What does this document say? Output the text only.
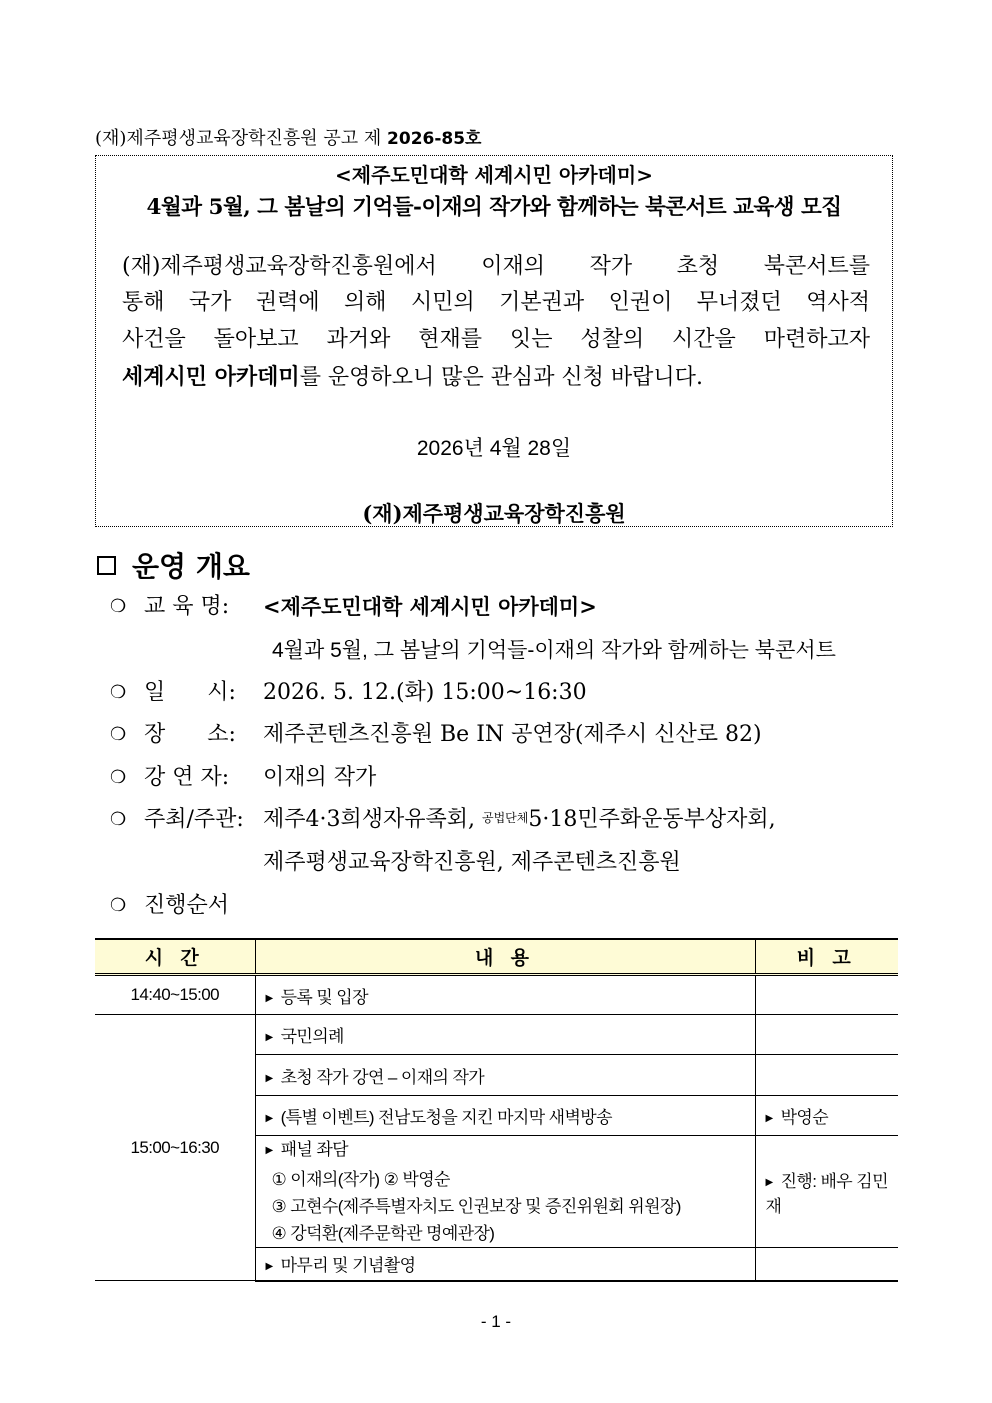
(재)제주평생교육장학진흥원 공고 제 2026-85호
<제주도민대학 세계시민 아카데미>
4월과 5월, 그 봄날의 기억들-이재의 작가와 함께하는 북콘서트 교육생 모집
(재)제주평생교육장학진흥원에서 이재의 작가 초청 북콘서트를
통해 국가 권력에 의해 시민의 기본권과 인권이 무너졌던 역사적
사건을 돌아보고 과거와 현재를 잇는 성찰의 시간을 마련하고자
세계시민 아카데미를 운영하오니 많은 관심과 신청 바랍니다.
2026년 4월 28일
(재)제주평생교육장학진흥원
운영 개요
❍ 교 육 명: <제주도민대학 세계시민 아카데미>
4월과 5월, 그 봄날의 기억들-이재의 작가와 함께하는 북콘서트
❍ 일      시: 2026. 5. 12.(화) 15:00~16:30
❍ 장      소: 제주콘텐츠진흥원 Be IN 공연장(제주시 신산로 82)
❍ 강 연 자: 이재의 작가
❍ 주최/주관: 제주4·3희생자유족회, $^{공법단체}$5·18민주화운동부상자회,
제주평생교육장학진흥원, 제주콘텐츠진흥원
❍ 진행순서
시 간	내 용	비 고
14:40~15:00	▶ 등록 및 입장	
15:00~16:30	▶ 국민의례	
	▶ 초청 작가 강연 – 이재의 작가	
	▶ (특별 이벤트) 전남도청을 지킨 마지막 새벽방송	▶ 박영순

	▶ 패널 좌담
① 이재의(작가) ② 박영순
③ 고현수(제주특별자치도 인권보장 및 증진위원회 위원장)
④ 강덕환(제주문학관 명예관장)	▶ 진행: 배우 김민재
	▶ 마무리 및 기념촬영	
- 1 -
